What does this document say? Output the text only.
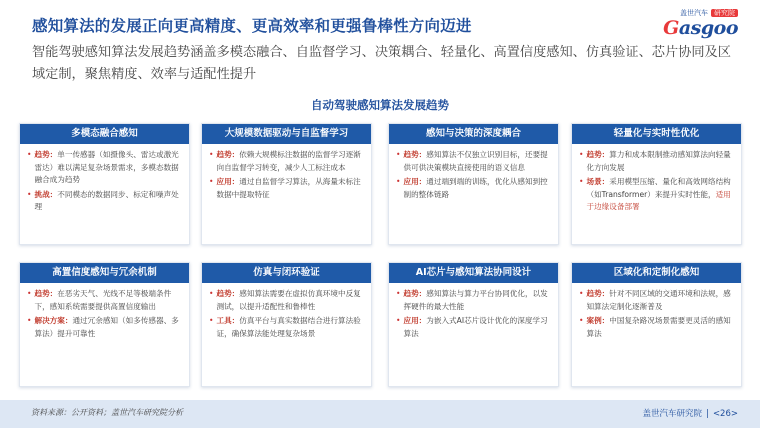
感知算法的发展正向更高精度、更高效率和更强鲁棒性方向迈进
盖世汽车 研究院
Gasgoo
智能驾驶感知算法发展趋势涵盖多模态融合、自监督学习、决策耦合、轻量化、高置信度感知、仿真验证、芯片协同及区域定制，聚焦精度、效率与适配性提升
自动驾驶感知算法发展趋势
多模态融合感知
• 趋势：单一传感器（如摄像头、雷达或激光雷达）难以满足复杂场景需求，多模态数据融合成为趋势
• 挑战：不同模态的数据同步、标定和噪声处理
大规模数据驱动与自监督学习
• 趋势：依赖大规模标注数据的监督学习逐渐向自监督学习转变，减少人工标注成本
• 应用：通过自监督学习算法，从海量未标注数据中提取特征
感知与决策的深度耦合
• 趋势：感知算法不仅独立识别目标，还要提供可供决策模块直接使用的语义信息
• 应用：通过端到端的训练，优化从感知到控制的整体链路
轻量化与实时性优化
• 趋势：算力和成本限制推动感知算法向轻量化方向发展
• 场景：采用模型压缩、量化和高效网络结构（如Transformer）来提升实时性能，适用于边缘设备部署
高置信度感知与冗余机制
• 趋势：在恶劣天气、光线不足等极端条件下，感知系统需要提供高置信度输出
• 解决方案：通过冗余感知（如多传感器、多算法）提升可靠性
仿真与闭环验证
• 趋势：感知算法需要在虚拟仿真环境中反复测试，以提升适配性和鲁棒性
• 工具：仿真平台与真实数据结合进行算法验证，确保算法能处理复杂场景
AI芯片与感知算法协同设计
• 趋势：感知算法与算力平台协同优化，以发挥硬件的最大性能
• 应用：为嵌入式AI芯片设计优化的深度学习算法
区域化和定制化感知
• 趋势：针对不同区域的交通环境和法规，感知算法定制化逐渐普及
• 案例：中国复杂路况场景需要更灵活的感知算法
资料来源：公开资料；盖世汽车研究院分析	盖世汽车研究院 | <26>
